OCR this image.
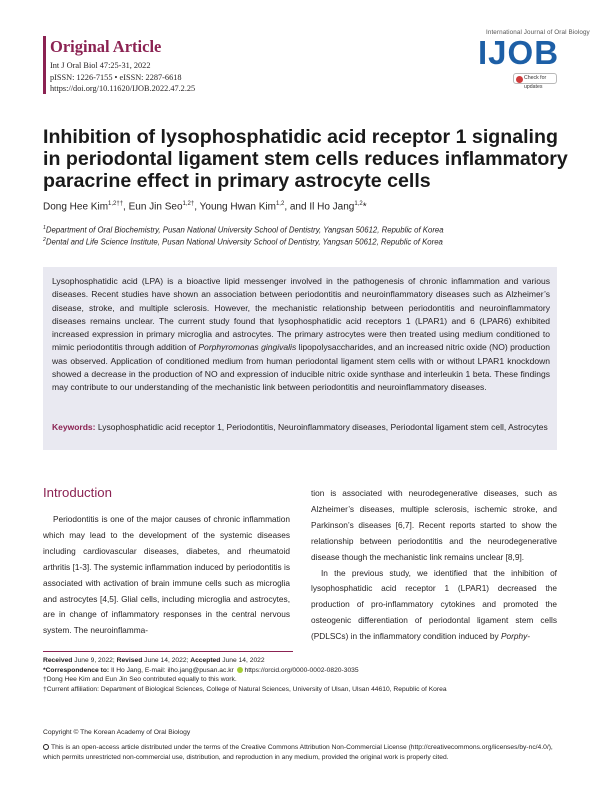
Original Article
Int J Oral Biol 47:25-31, 2022
pISSN: 1226-7155 • eISSN: 2287-6618
https://doi.org/10.11620/IJOB.2022.47.2.25
International Journal of Oral Biology
IJOB
Check for updates
Inhibition of lysophosphatidic acid receptor 1 signaling in periodontal ligament stem cells reduces inflammatory paracrine effect in primary astrocyte cells
Dong Hee Kim$^{1,2\dagger\dagger}$, Eun Jin Seo$^{1,2\dagger}$, Young Hwan Kim$^{1,2}$, and Il Ho Jang$^{1,2}$*
$^1$Department of Oral Biochemistry, Pusan National University School of Dentistry, Yangsan 50612, Republic of Korea
$^2$Dental and Life Science Institute, Pusan National University School of Dentistry, Yangsan 50612, Republic of Korea
Lysophosphatidic acid (LPA) is a bioactive lipid messenger involved in the pathogenesis of chronic inflammation and various diseases. Recent studies have shown an association between periodontitis and neuroinflammatory diseases such as Alzheimer’s disease, stroke, and multiple sclerosis. However, the mechanistic relationship between periodontitis and neuroinflammatory diseases remains unclear. The current study found that lysophosphatidic acid receptors 1 (LPAR1) and 6 (LPAR6) exhibited increased expression in primary microglia and astrocytes. The primary astrocytes were then treated using medium conditioned to mimic periodontitis through addition of Porphyromonas gingivalis lipopolysaccharides, and an increased nitric oxide (NO) production was observed. Application of conditioned medium from human periodontal ligament stem cells with or without LPAR1 knockdown showed a decrease in the production of NO and expression of inducible nitric oxide synthase and interleukin 1 beta. These findings may contribute to our understanding of the mechanistic link between periodontitis and neuroinflammatory diseases.
Keywords: Lysophosphatidic acid receptor 1, Periodontitis, Neuroinflammatory diseases, Periodontal ligament stem cell, Astrocytes
Introduction
Periodontitis is one of the major causes of chronic inflammation which may lead to the development of the systemic diseases including cardiovascular diseases, diabetes, and rheumatoid arthritis [1-3]. The systemic inflammation induced by periodontitis is associated with activation of brain immune cells such as microglia and astrocytes [4,5]. Glial cells, including microglia and astrocytes, are in change of inflammatory responses in the central nervous system. The neuroinflamma-
tion is associated with neurodegenerative diseases, such as Alzheimer’s diseases, multiple sclerosis, ischemic stroke, and Parkinson’s diseases [6,7]. Recent reports started to show the relationship between periodontitis and the neurodegenerative disease though the mechanistic link remains unclear [8,9].
In the previous study, we identified that the inhibition of lysophosphatidic acid receptor 1 (LPAR1) decreased the production of pro-inflammatory cytokines and promoted the osteogenic differentiation of periodontal ligament stem cells (PDLSCs) in the inflammatory condition induced by Porphy-
Received June 9, 2022; Revised June 14, 2022; Accepted June 14, 2022
*Correspondence to: Il Ho Jang, E-mail: ilho.jang@pusan.ac.kr https://orcid.org/0000-0002-0820-3035
†Dong Hee Kim and Eun Jin Seo contributed equally to this work.
†Current affiliation: Department of Biological Sciences, College of Natural Sciences, University of Ulsan, Ulsan 44610, Republic of Korea
Copyright © The Korean Academy of Oral Biology
This is an open-access article distributed under the terms of the Creative Commons Attribution Non-Commercial License (http://creativecommons.org/licenses/by-nc/4.0/), which permits unrestricted non-commercial use, distribution, and reproduction in any medium, provided the original work is properly cited.
